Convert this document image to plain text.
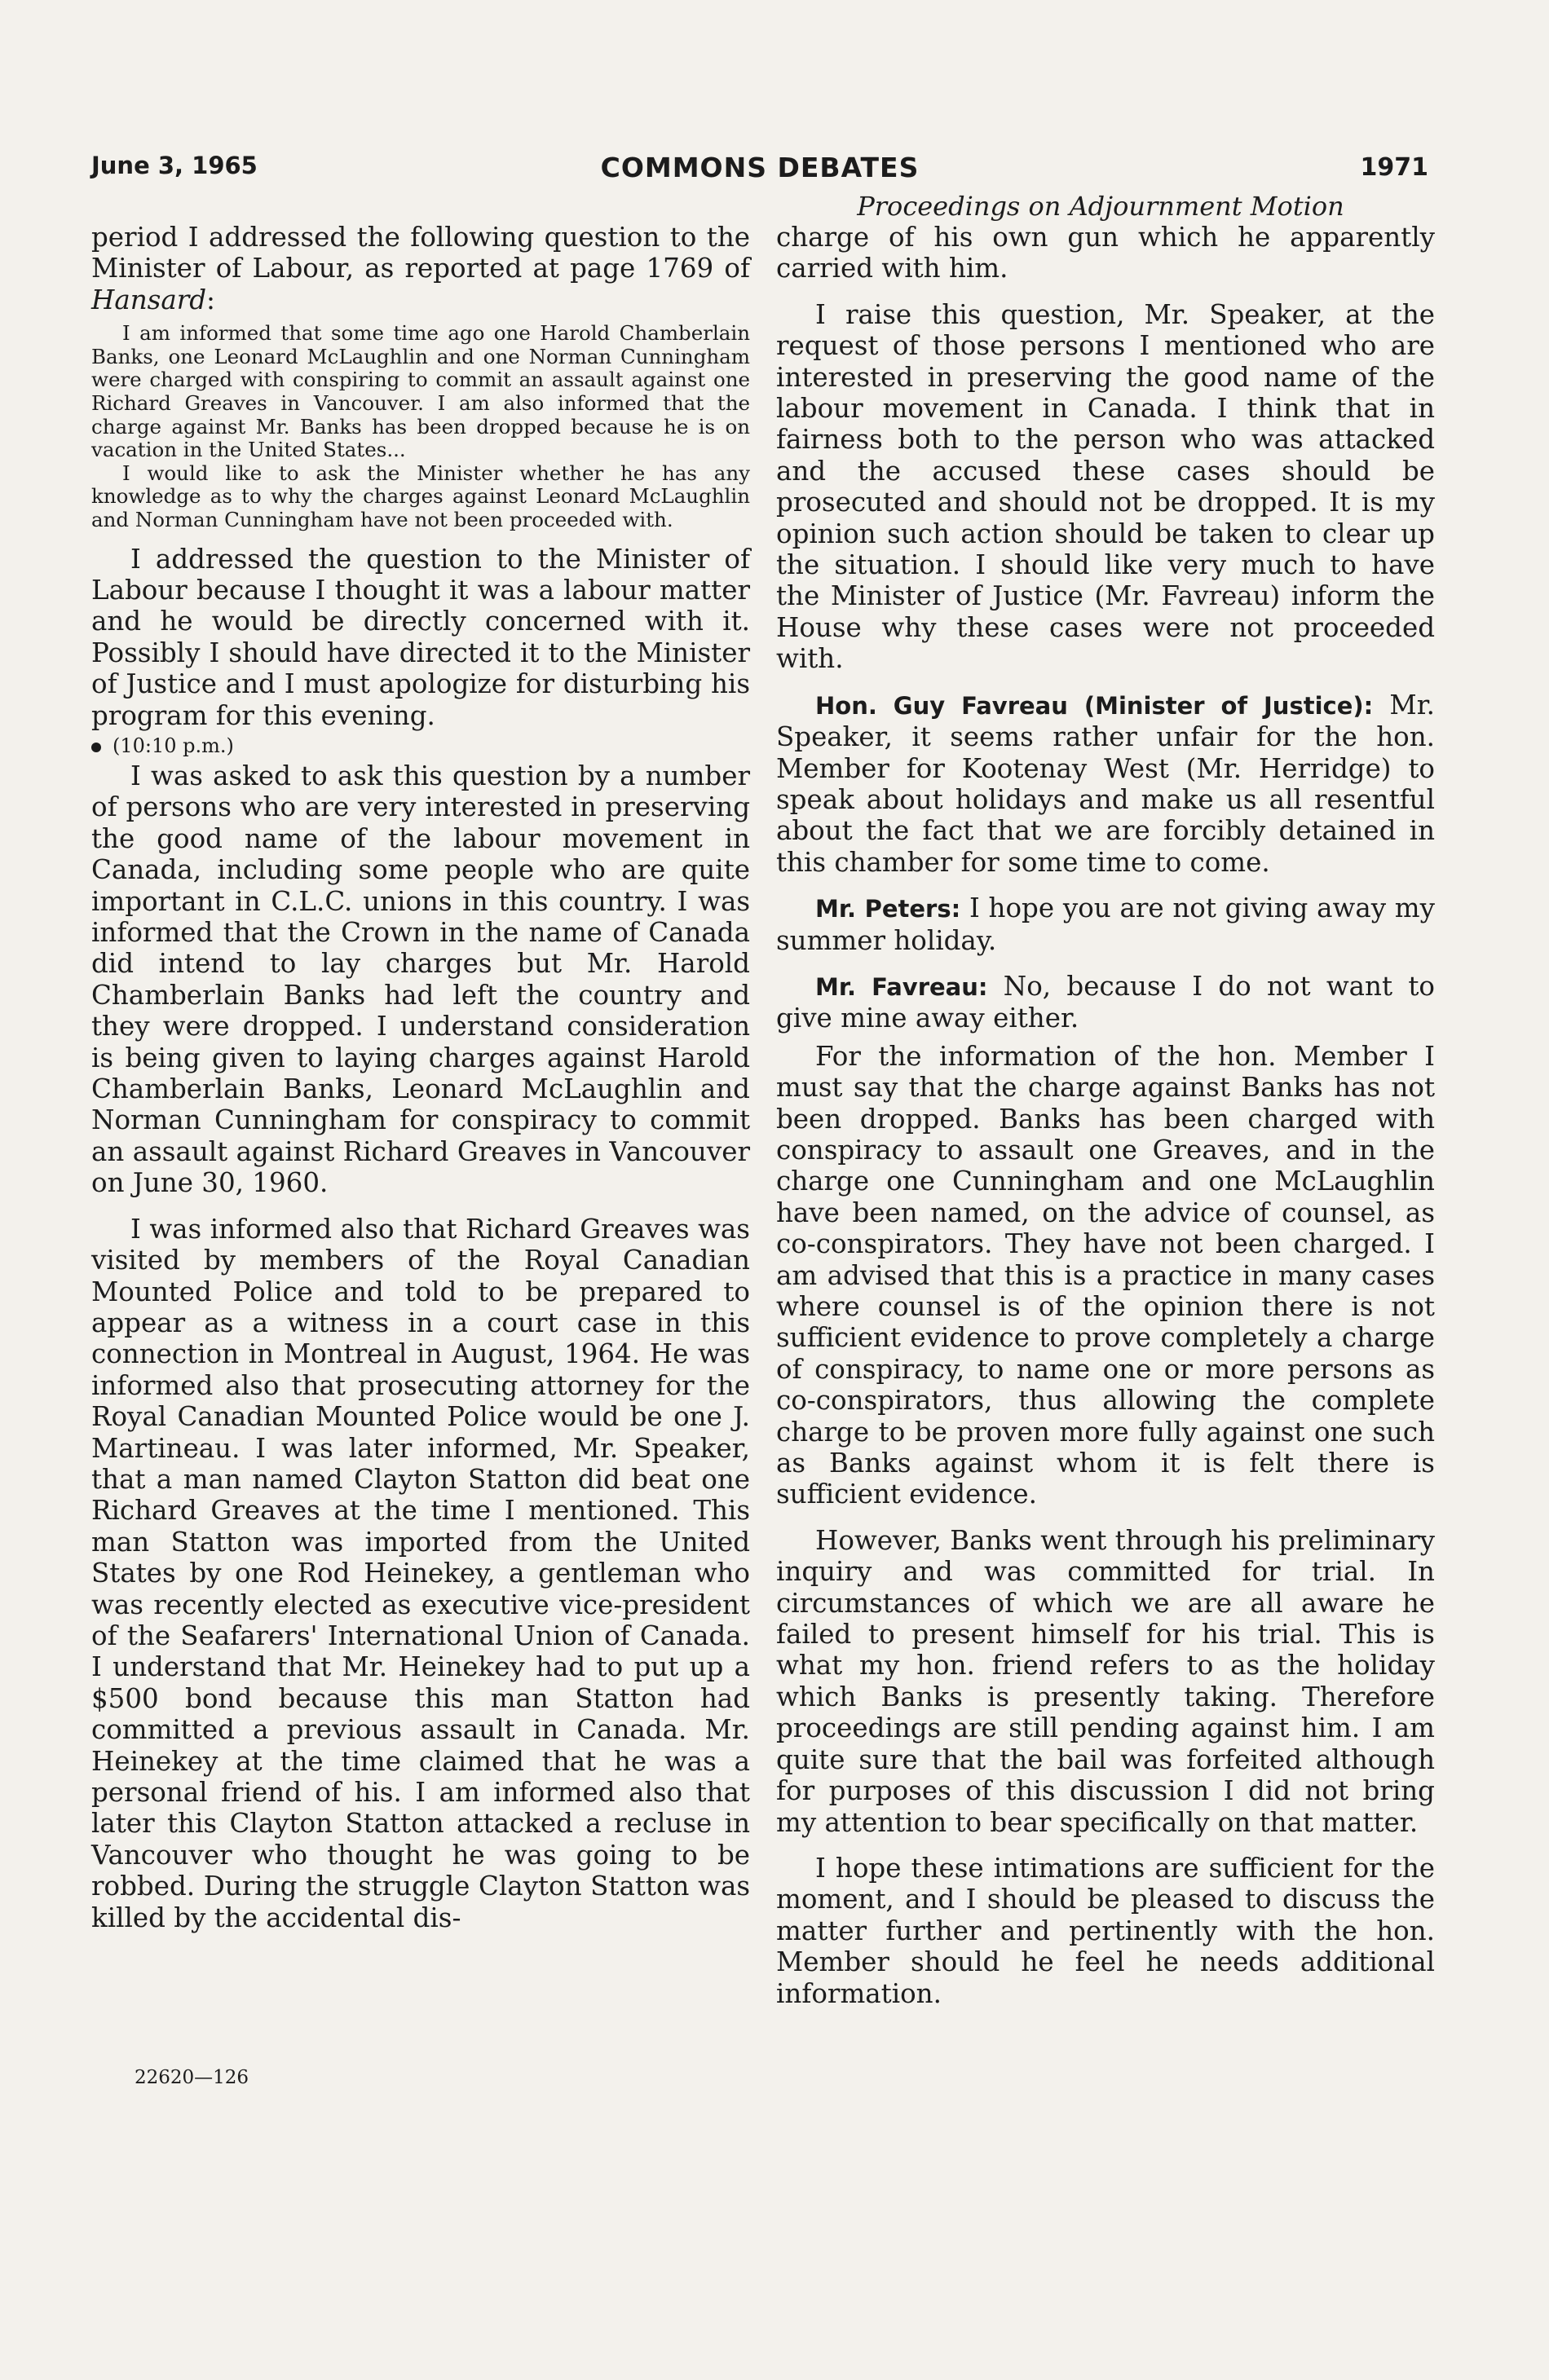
June 3, 1965	COMMONS DEBATES	1971
Proceedings on Adjournment Motion

period I addressed the following question to the Minister of Labour, as reported at page 1769 of Hansard:

I am informed that some time ago one Harold Chamberlain Banks, one Leonard McLaughlin and one Norman Cunningham were charged with conspiring to commit an assault against one Richard Greaves in Vancouver. I am also informed that the charge against Mr. Banks has been dropped because he is on vacation in the United States...

I would like to ask the Minister whether he has any knowledge as to why the charges against Leonard McLaughlin and Norman Cunningham have not been proceeded with.

I addressed the question to the Minister of Labour because I thought it was a labour matter and he would be directly concerned with it. Possibly I should have directed it to the Minister of Justice and I must apologize for disturbing his program for this evening.

(10:10 p.m.)

I was asked to ask this question by a number of persons who are very interested in preserving the good name of the labour movement in Canada, including some people who are quite important in C.L.C. unions in this country. I was informed that the Crown in the name of Canada did intend to lay charges but Mr. Harold Chamberlain Banks had left the country and they were dropped. I understand consideration is being given to laying charges against Harold Chamberlain Banks, Leonard McLaughlin and Norman Cunningham for conspiracy to commit an assault against Richard Greaves in Vancouver on June 30, 1960.

I was informed also that Richard Greaves was visited by members of the Royal Canadian Mounted Police and told to be prepared to appear as a witness in a court case in this connection in Montreal in August, 1964. He was informed also that prosecuting attorney for the Royal Canadian Mounted Police would be one J. Martineau. I was later informed, Mr. Speaker, that a man named Clayton Statton did beat one Richard Greaves at the time I mentioned. This man Statton was imported from the United States by one Rod Heinekey, a gentleman who was recently elected as executive vice-president of the Seafarers' International Union of Canada. I understand that Mr. Heinekey had to put up a $500 bond because this man Statton had committed a previous assault in Canada. Mr. Heinekey at the time claimed that he was a personal friend of his. I am informed also that later this Clayton Statton attacked a recluse in Vancouver who thought he was going to be robbed. During the struggle Clayton Statton was killed by the accidental dis-

charge of his own gun which he apparently carried with him.

I raise this question, Mr. Speaker, at the request of those persons I mentioned who are interested in preserving the good name of the labour movement in Canada. I think that in fairness both to the person who was attacked and the accused these cases should be prosecuted and should not be dropped. It is my opinion such action should be taken to clear up the situation. I should like very much to have the Minister of Justice (Mr. Favreau) inform the House why these cases were not proceeded with.

Hon. Guy Favreau (Minister of Justice): Mr. Speaker, it seems rather unfair for the hon. Member for Kootenay West (Mr. Herridge) to speak about holidays and make us all resentful about the fact that we are forcibly detained in this chamber for some time to come.

Mr. Peters: I hope you are not giving away my summer holiday.

Mr. Favreau: No, because I do not want to give mine away either.

For the information of the hon. Member I must say that the charge against Banks has not been dropped. Banks has been charged with conspiracy to assault one Greaves, and in the charge one Cunningham and one McLaughlin have been named, on the advice of counsel, as co-conspirators. They have not been charged. I am advised that this is a practice in many cases where counsel is of the opinion there is not sufficient evidence to prove completely a charge of conspiracy, to name one or more persons as co-conspirators, thus allowing the complete charge to be proven more fully against one such as Banks against whom it is felt there is sufficient evidence.

However, Banks went through his preliminary inquiry and was committed for trial. In circumstances of which we are all aware he failed to present himself for his trial. This is what my hon. friend refers to as the holiday which Banks is presently taking. Therefore proceedings are still pending against him. I am quite sure that the bail was forfeited although for purposes of this discussion I did not bring my attention to bear specifically on that matter.

I hope these intimations are sufficient for the moment, and I should be pleased to discuss the matter further and pertinently with the hon. Member should he feel he needs additional information.

22620—126
